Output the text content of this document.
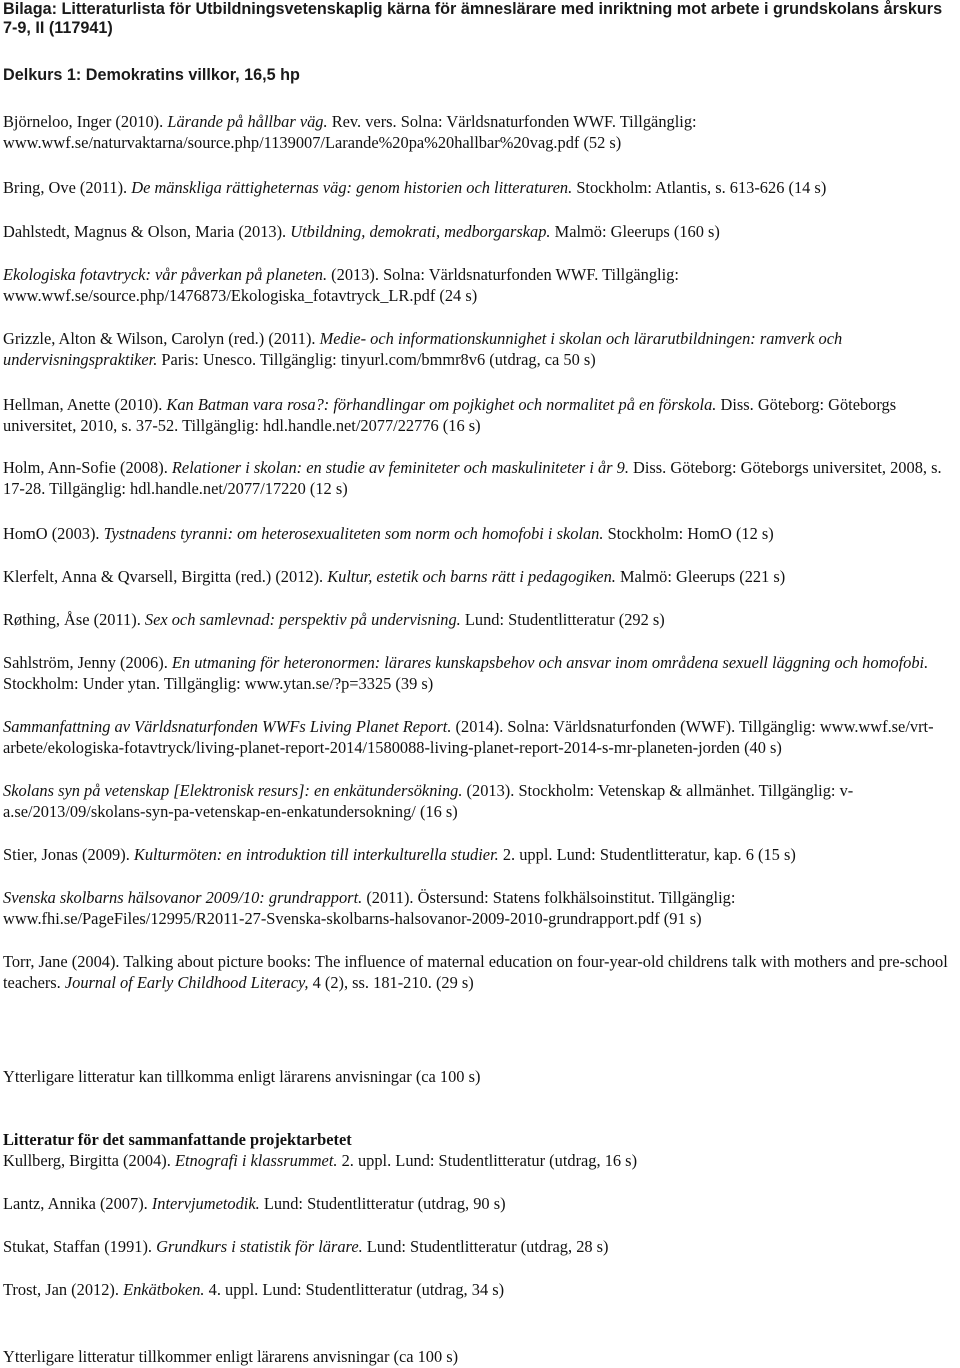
Bilaga: Litteraturlista för Utbildningsvetenskaplig kärna för ämneslärare med inriktning mot arbete i grundskolans årskurs 7-9, II (117941)
Delkurs 1: Demokratins villkor, 16,5 hp
Björneloo, Inger (2010). Lärande på hållbar väg. Rev. vers. Solna: Världsnaturfonden WWF. Tillgänglig: www.wwf.se/naturvaktarna/source.php/1139007/Larande%20pa%20hallbar%20vag.pdf (52 s)
Bring, Ove (2011). De mänskliga rättigheternas väg: genom historien och litteraturen. Stockholm: Atlantis, s. 613-626 (14 s)
Dahlstedt, Magnus & Olson, Maria (2013). Utbildning, demokrati, medborgarskap. Malmö: Gleerups (160 s)
Ekologiska fotavtryck: vår påverkan på planeten. (2013). Solna: Världsnaturfonden WWF. Tillgänglig: www.wwf.se/source.php/1476873/Ekologiska_fotavtryck_LR.pdf (24 s)
Grizzle, Alton & Wilson, Carolyn (red.) (2011). Medie- och informationskunnighet i skolan och lärarutbildningen: ramverk och undervisningspraktiker. Paris: Unesco. Tillgänglig: tinyurl.com/bmmr8v6 (utdrag, ca 50 s)
Hellman, Anette (2010). Kan Batman vara rosa?: förhandlingar om pojkighet och normalitet på en förskola. Diss. Göteborg: Göteborgs universitet, 2010, s. 37-52. Tillgänglig: hdl.handle.net/2077/22776 (16 s)
Holm, Ann-Sofie (2008). Relationer i skolan: en studie av feminiteter och maskuliniteter i år 9. Diss. Göteborg: Göteborgs universitet, 2008, s. 17-28. Tillgänglig: hdl.handle.net/2077/17220 (12 s)
HomO (2003). Tystnadens tyranni: om heterosexualiteten som norm och homofobi i skolan. Stockholm: HomO (12 s)
Klerfelt, Anna & Qvarsell, Birgitta (red.) (2012). Kultur, estetik och barns rätt i pedagogiken. Malmö: Gleerups (221 s)
Røthing, Åse (2011). Sex och samlevnad: perspektiv på undervisning. Lund: Studentlitteratur (292 s)
Sahlström, Jenny (2006). En utmaning för heteronormen: lärares kunskapsbehov och ansvar inom områdena sexuell läggning och homofobi. Stockholm: Under ytan. Tillgänglig: www.ytan.se/?p=3325 (39 s)
Sammanfattning av Världsnaturfonden WWFs Living Planet Report. (2014). Solna: Världsnaturfonden (WWF). Tillgänglig: www.wwf.se/vrt-arbete/ekologiska-fotavtryck/living-planet-report-2014/1580088-living-planet-report-2014-s-mr-planeten-jorden (40 s)
Skolans syn på vetenskap [Elektronisk resurs]: en enkätundersökning. (2013). Stockholm: Vetenskap & allmänhet. Tillgänglig: v-a.se/2013/09/skolans-syn-pa-vetenskap-en-enkatundersokning/ (16 s)
Stier, Jonas (2009). Kulturmöten: en introduktion till interkulturella studier. 2. uppl. Lund: Studentlitteratur, kap. 6 (15 s)
Svenska skolbarns hälsovanor 2009/10: grundrapport. (2011). Östersund: Statens folkhälsoinstitut. Tillgänglig: www.fhi.se/PageFiles/12995/R2011-27-Svenska-skolbarns-halsovanor-2009-2010-grundrapport.pdf (91 s)
Torr, Jane (2004). Talking about picture books: The influence of maternal education on four-year-old childrens talk with mothers and pre-school teachers. Journal of Early Childhood Literacy, 4 (2), ss. 181-210. (29 s)
Ytterligare litteratur kan tillkomma enligt lärarens anvisningar (ca 100 s)
Litteratur för det sammanfattande projektarbetet
Kullberg, Birgitta (2004). Etnografi i klassrummet. 2. uppl. Lund: Studentlitteratur (utdrag, 16 s)
Lantz, Annika (2007). Intervjumetodik. Lund: Studentlitteratur (utdrag, 90 s)
Stukat, Staffan (1991). Grundkurs i statistik för lärare. Lund: Studentlitteratur (utdrag, 28 s)
Trost, Jan (2012). Enkätboken. 4. uppl. Lund: Studentlitteratur (utdrag, 34 s)
Ytterligare litteratur tillkommer enligt lärarens anvisningar (ca 100 s)
